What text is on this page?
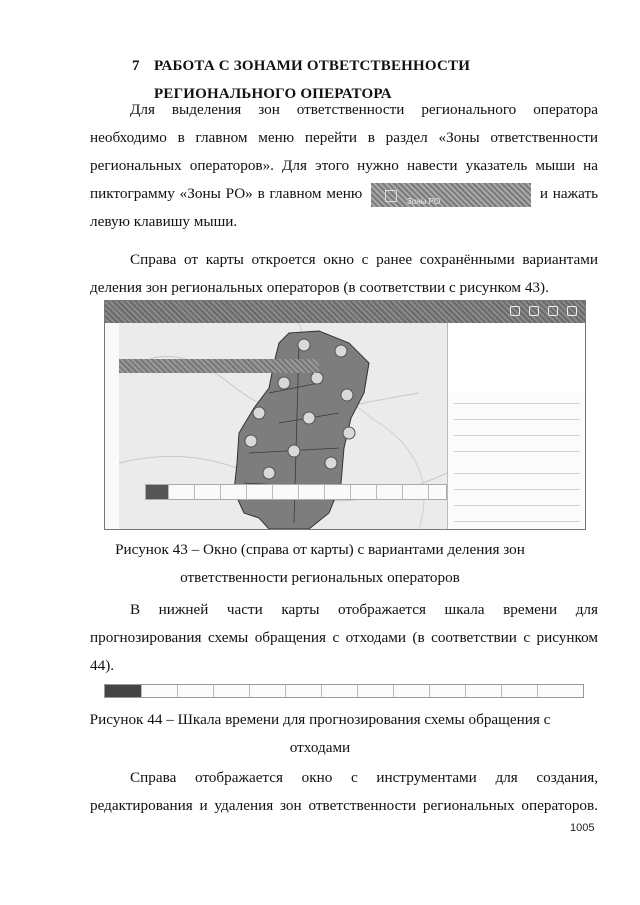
7 РАБОТА С ЗОНАМИ ОТВЕТСТВЕННОСТИ
РЕГИОНАЛЬНОГО ОПЕРАТОРА
Для выделения зон ответственности регионального оператора необходимо в главном меню перейти в раздел «Зоны ответственности региональных операторов». Для этого нужно навести указатель мыши на пиктограмму «Зоны РО» в главном меню	Зоны РО	и нажать левую клавишу мыши.
Справа от карты откроется окно с ранее сохранёнными вариантами деления зон региональных операторов (в соответствии с рисунком 43).
Рисунок 43 – Окно (справа от карты) с вариантами деления зон
ответственности региональных операторов
В нижней части карты отображается шкала времени для прогнозирования схемы обращения с отходами (в соответствии с рисунком 44).
Рисунок 44 – Шкала времени для прогнозирования схемы обращения с
отходами
Справа отображается окно с инструментами для создания, редактирования и удаления зон ответственности региональных операторов.
1005
